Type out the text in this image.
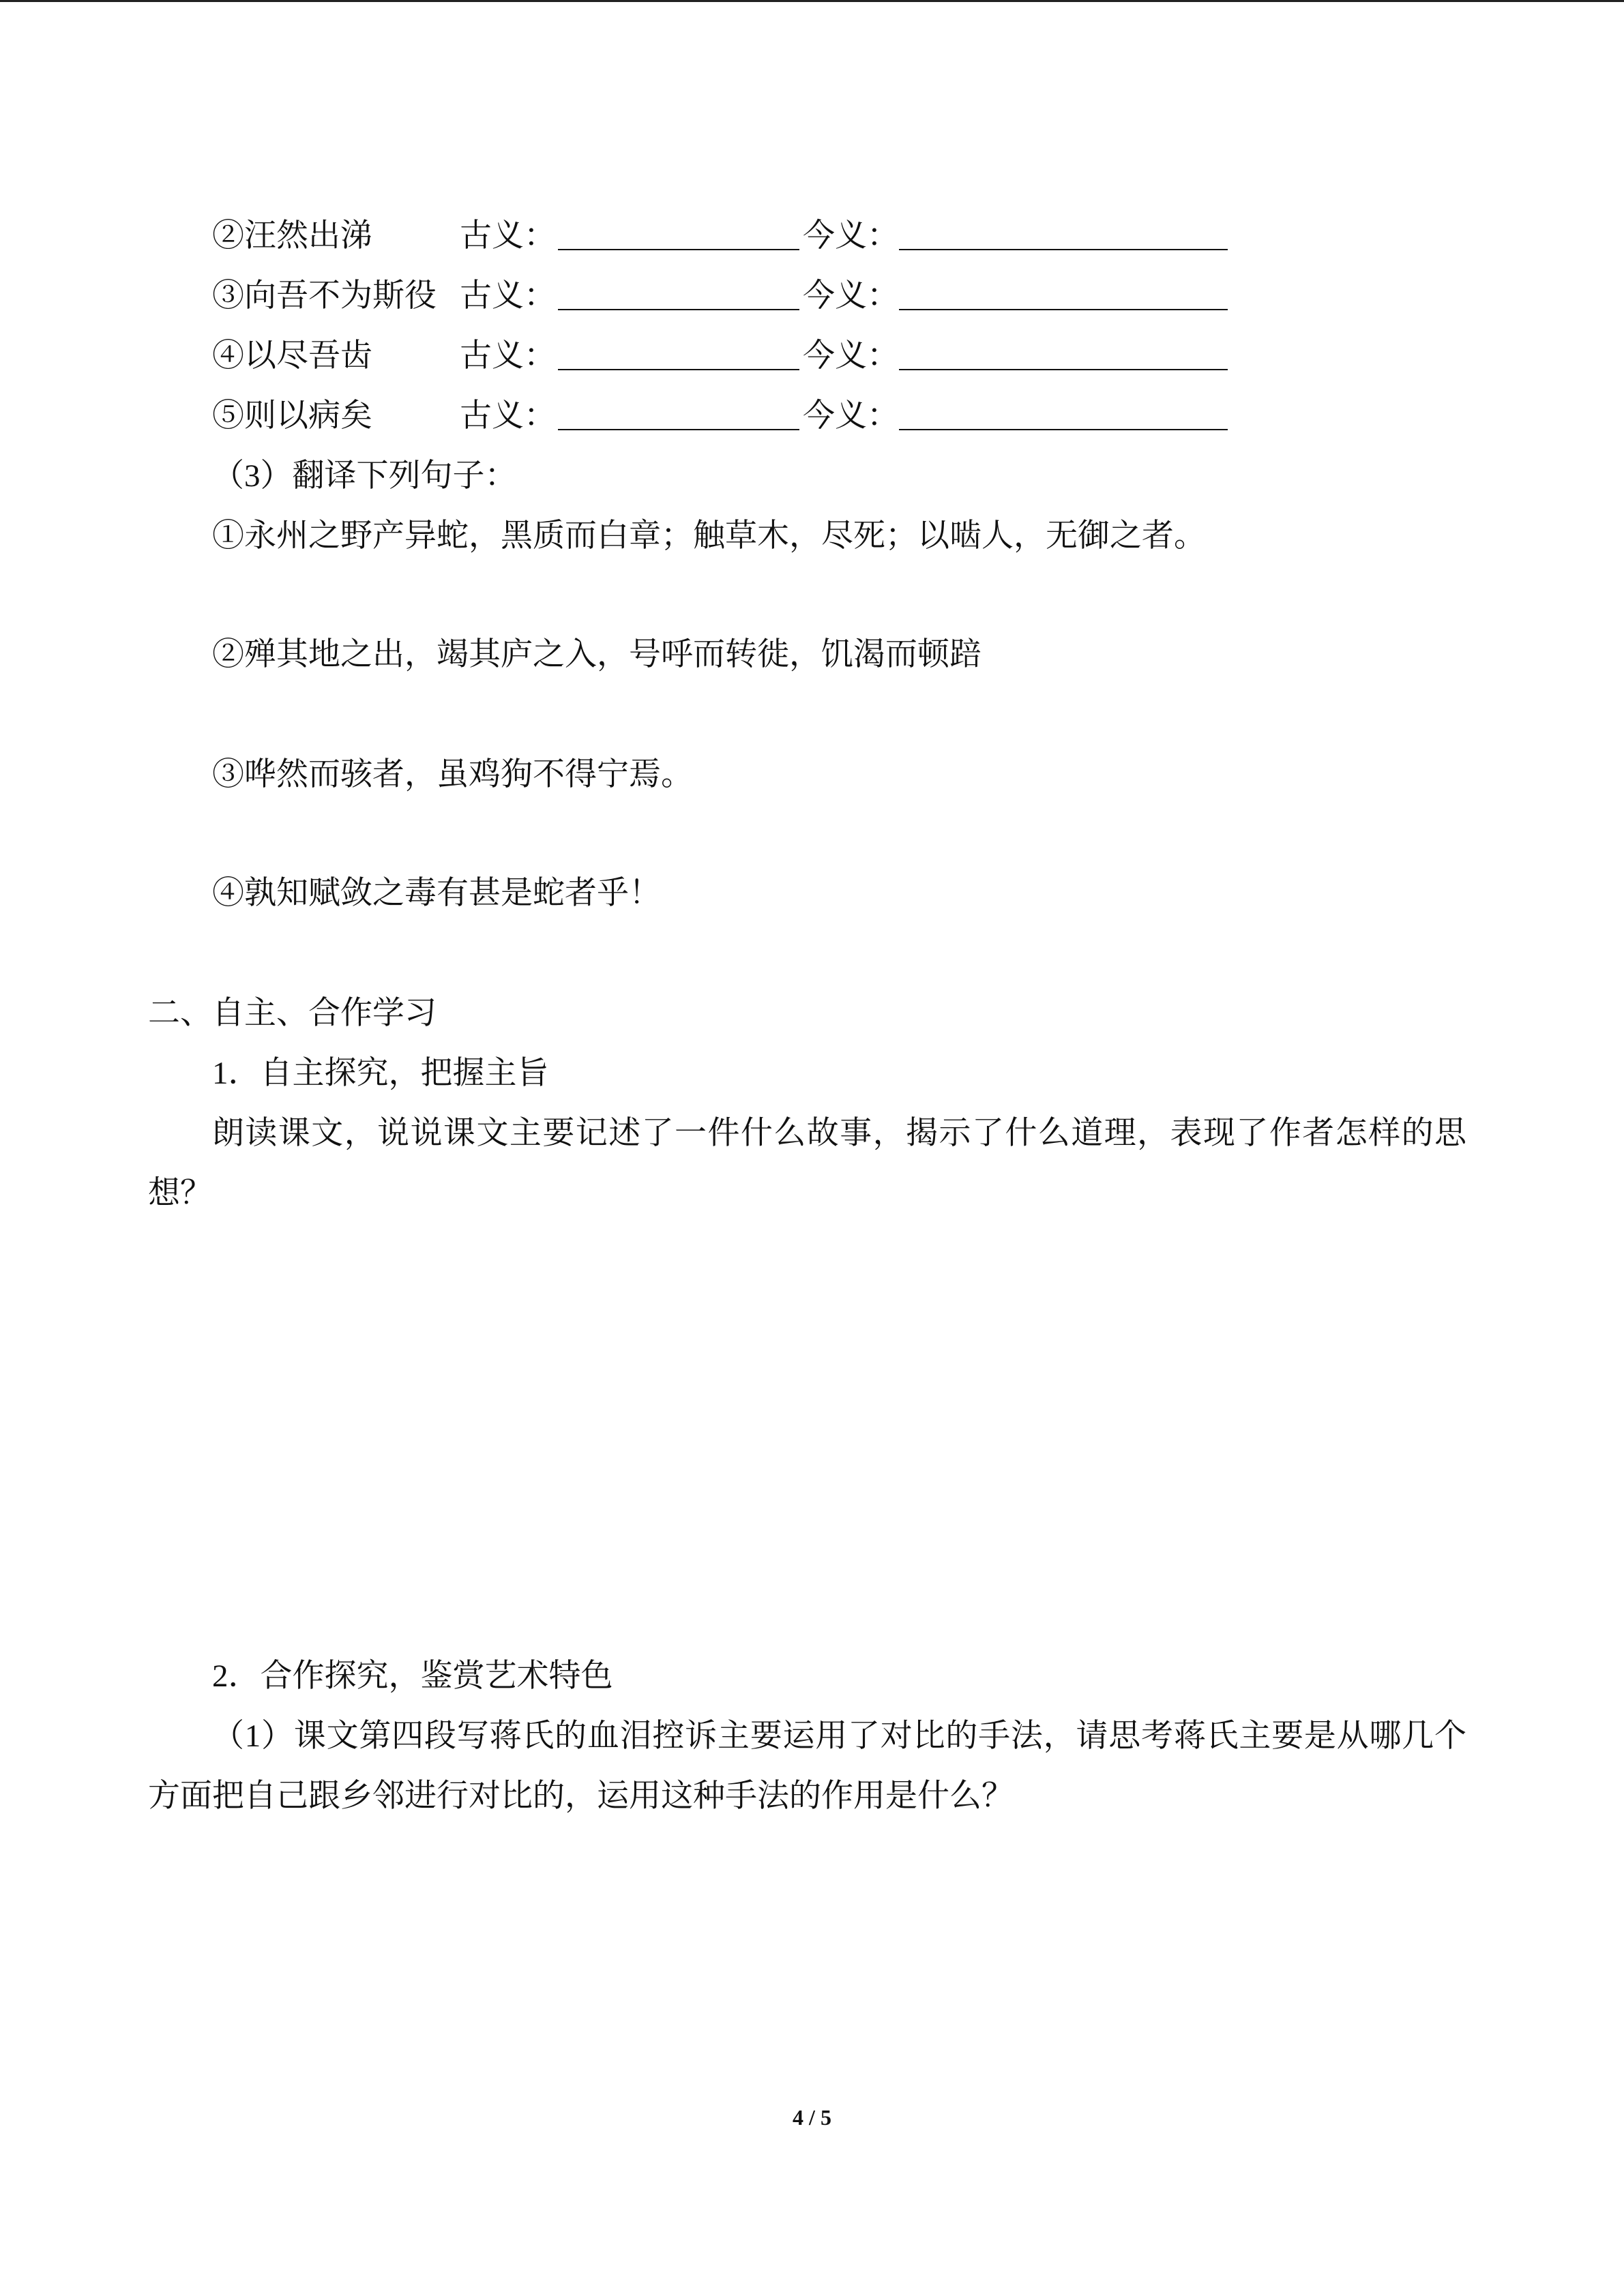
②汪然出涕	古义：	今义：
③向吾不为斯役 古义：	今义：
④以尽吾齿	古义：	今义：
⑤则以病矣	古义：	今义：
（3）翻译下列句子：
①永州之野产异蛇，黑质而白章；触草木，尽死；以啮人，无御之者。
②殚其地之出，竭其庐之入，号呼而转徙，饥渴而顿踣
③哗然而骇者，虽鸡狗不得宁焉。
④孰知赋敛之毒有甚是蛇者乎！
二、自主、合作学习
1．自主探究，把握主旨
朗读课文，说说课文主要记述了一件什么故事，揭示了什么道理，表现了作者怎样的思
想？
2．合作探究，鉴赏艺术特色
（1）课文第四段写蒋氏的血泪控诉主要运用了对比的手法，请思考蒋氏主要是从哪几个
方面把自己跟乡邻进行对比的，运用这种手法的作用是什么？
4 / 5
